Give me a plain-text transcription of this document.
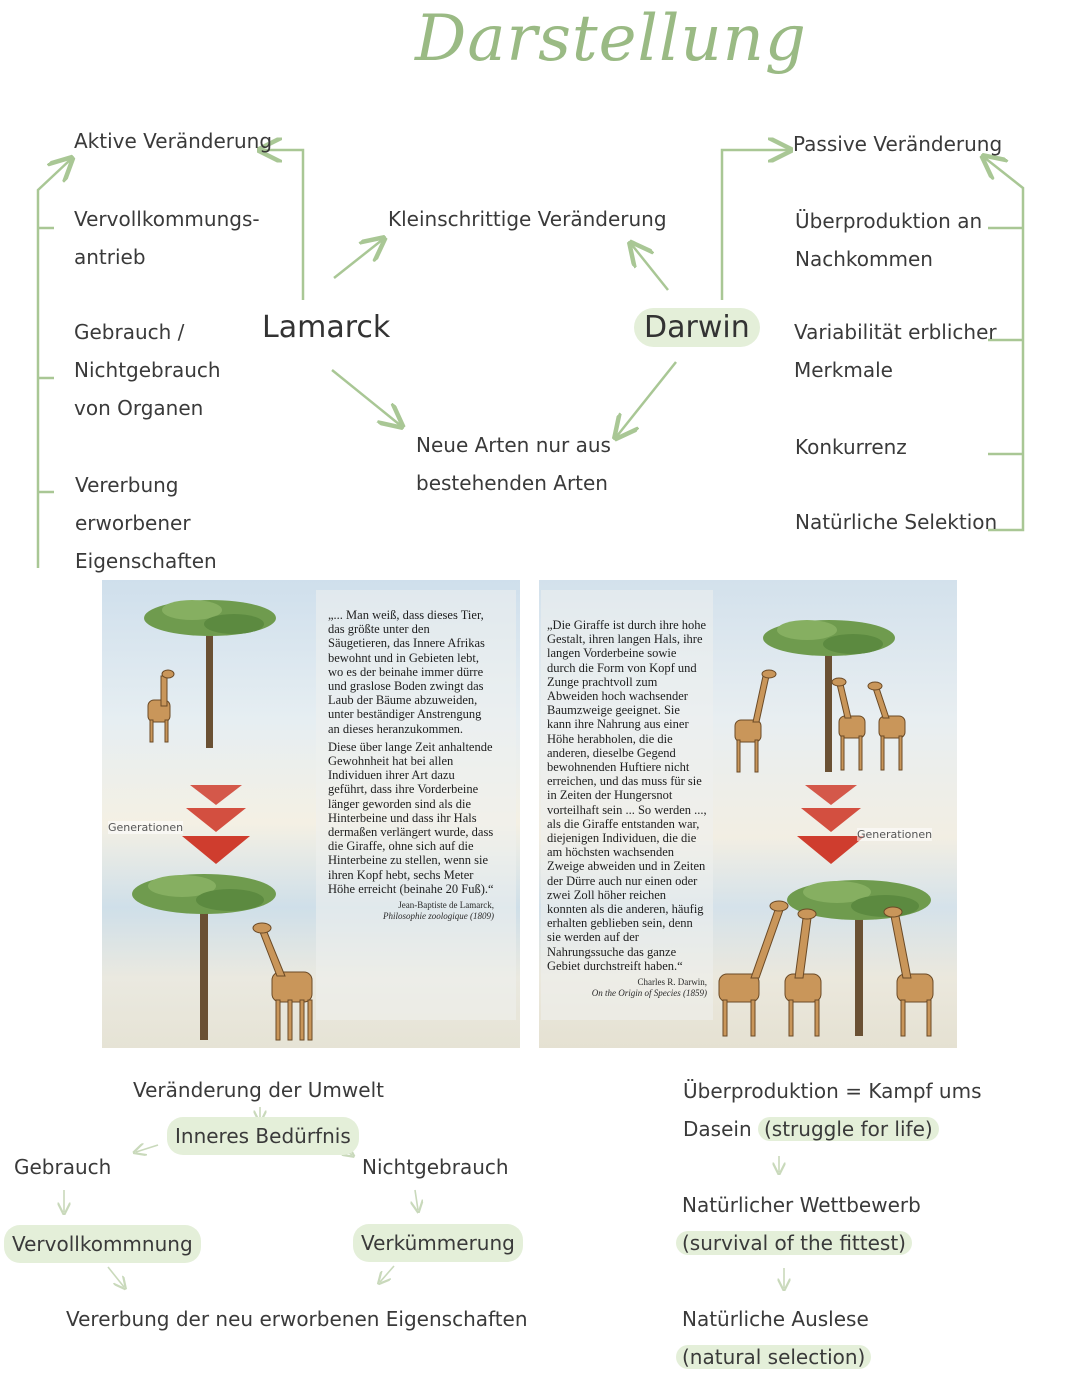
Darstellung
Aktive Veränderung
Vervollkommungs-
antrieb
Gebrauch /
Nichtgebrauch
von Organen
Vererbung
erworbener
Eigenschaften
Lamarck	Darwin
Kleinschrittige Veränderung
Neue Arten nur aus
bestehenden Arten
Passive Veränderung
Überproduktion an
Nachkommen
Variabilität erblicher
Merkmale
Konkurrenz
Natürliche Selektion
Generationen

„... Man weiß, dass dieses Tier, das größte unter den Säugetieren, das Innere Afrikas bewohnt und in Gebieten lebt, wo es der beinahe immer dürre und graslose Boden zwingt das Laub der Bäume abzuweiden, unter beständiger Anstrengung an dieses heranzukommen.

Diese über lange Zeit anhaltende Gewohnheit hat bei allen Individuen ihrer Art dazu geführt, dass ihre Vorderbeine länger geworden sind als die Hinterbeine und dass ihr Hals dermaßen verlängert wurde, dass die Giraffe, ohne sich auf die Hinterbeine zu stellen, wenn sie ihren Kopf hebt, sechs Meter Höhe erreicht (beinahe 20 Fuß).“

Jean-Baptiste de Lamarck,
Philosophie zoologique (1809)
Generationen

„Die Giraffe ist durch ihre hohe Gestalt, ihren langen Hals, ihre langen Vorderbeine sowie durch die Form von Kopf und Zunge prachtvoll zum Abweiden hoch wachsender Baumzweige geeignet. Sie kann ihre Nahrung aus einer Höhe herabholen, die die anderen, dieselbe Gegend bewohnenden Huftiere nicht erreichen, und das muss für sie in Zeiten der Hungersnot vorteilhaft sein ... So werden ..., als die Giraffe entstanden war, diejenigen Individuen, die die am höchsten wachsenden Zweige abweiden und in Zeiten der Dürre auch nur einen oder zwei Zoll höher reichen konnten als die anderen, häufig erhalten geblieben sein, denn sie werden auf der Nahrungssuche das ganze Gebiet durchstreift haben.“

Charles R. Darwin,
On the Origin of Species (1859)
Veränderung der Umwelt
Inneres Bedürfnis
Gebrauch	Nichtgebrauch
Vervollkommnung	Verkümmerung
Vererbung der neu erworbenen Eigenschaften
Überproduktion = Kampf ums
Dasein (struggle for life)
Natürlicher Wettbewerb
(survival of the fittest)
Natürliche Auslese
(natural selection)
